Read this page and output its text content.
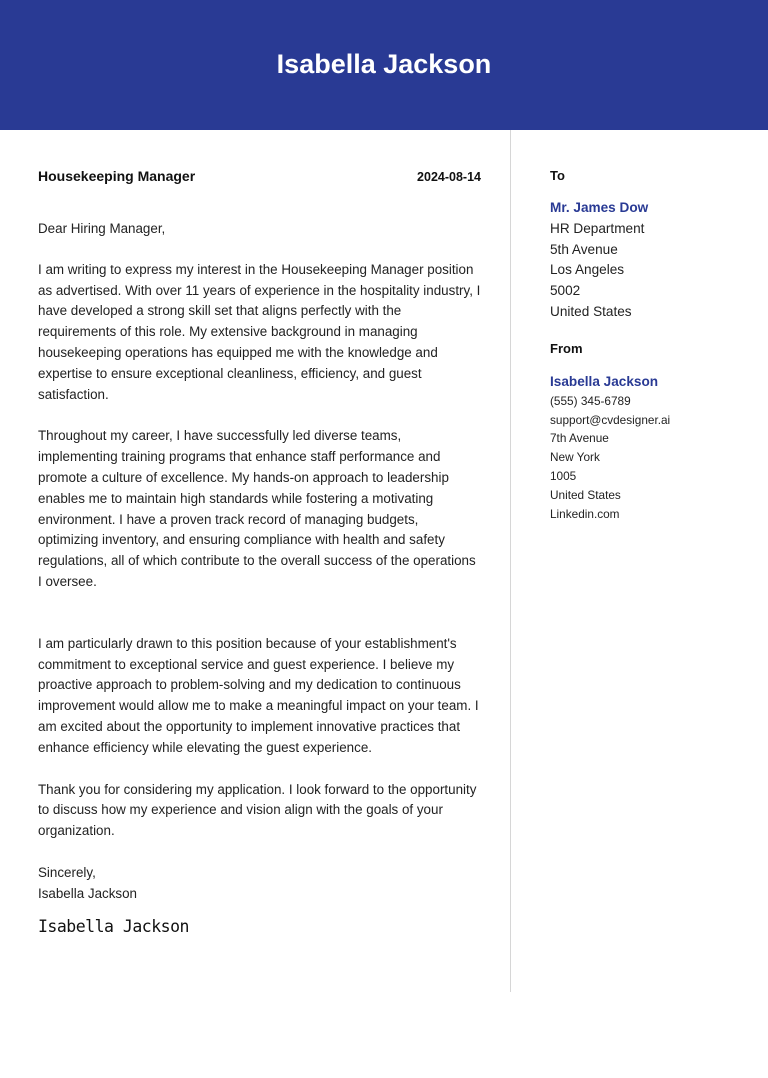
Isabella Jackson
Housekeeping Manager	2024-08-14
Dear Hiring Manager,

I am writing to express my interest in the Housekeeping Manager position as advertised. With over 11 years of experience in the hospitality industry, I have developed a strong skill set that aligns perfectly with the requirements of this role. My extensive background in managing housekeeping operations has equipped me with the knowledge and expertise to ensure exceptional cleanliness, efficiency, and guest satisfaction.

Throughout my career, I have successfully led diverse teams, implementing training programs that enhance staff performance and promote a culture of excellence. My hands-on approach to leadership enables me to maintain high standards while fostering a motivating environment. I have a proven track record of managing budgets, optimizing inventory, and ensuring compliance with health and safety regulations, all of which contribute to the overall success of the operations I oversee.

I am particularly drawn to this position because of your establishment's commitment to exceptional service and guest experience. I believe my proactive approach to problem-solving and my dedication to continuous improvement would allow me to make a meaningful impact on your team. I am excited about the opportunity to implement innovative practices that enhance efficiency while elevating the guest experience.

Thank you for considering my application. I look forward to the opportunity to discuss how my experience and vision align with the goals of your organization.

Sincerely,
Isabella Jackson
Isabella Jackson
To
Mr. James Dow
HR Department
5th Avenue
Los Angeles
5002
United States
From
Isabella Jackson
(555) 345-6789
support@cvdesigner.ai
7th Avenue
New York
1005
United States
Linkedin.com
